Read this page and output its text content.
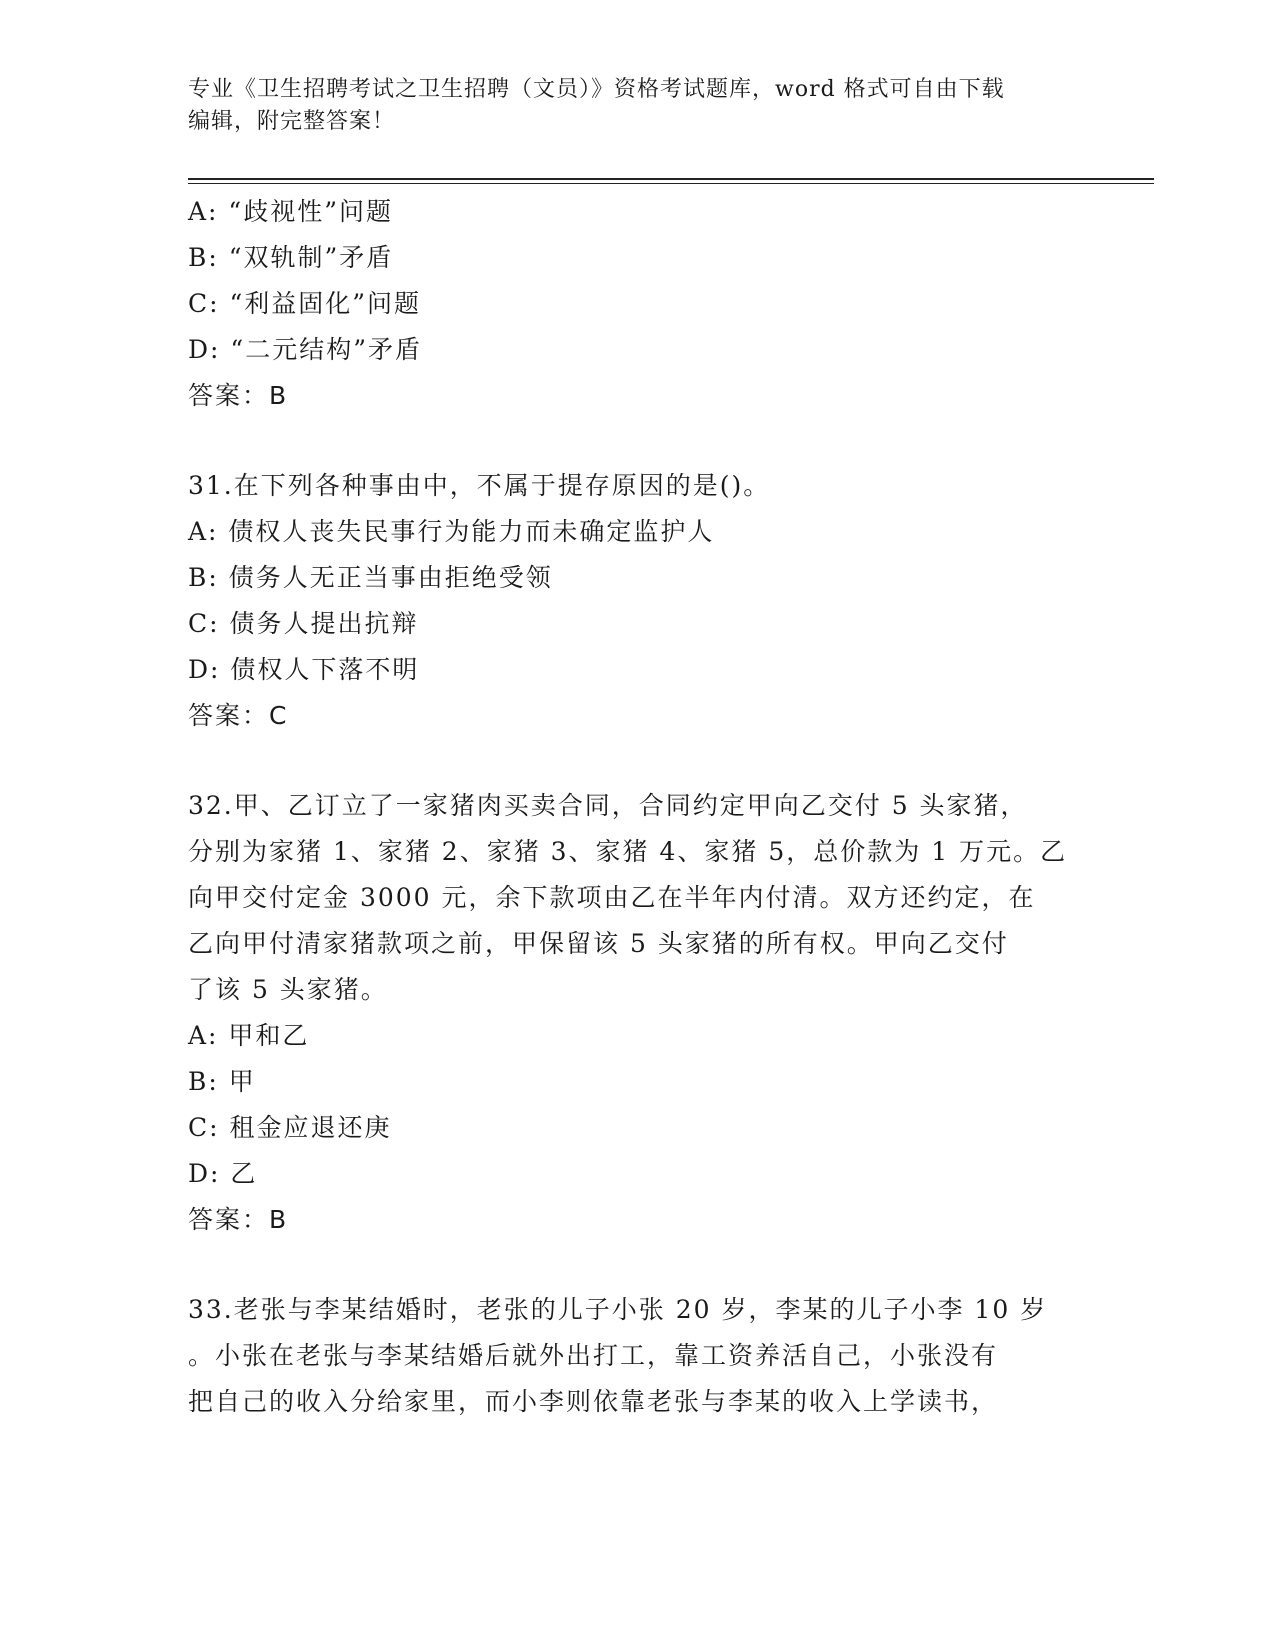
专业《卫生招聘考试之卫生招聘（文员）》资格考试题库，word 格式可自由下载
编辑，附完整答案！
A: “歧视性”问题
B: “双轨制”矛盾
C: “利益固化”问题
D: “二元结构”矛盾
答案：B
31.在下列各种事由中，不属于提存原因的是()。
A: 债权人丧失民事行为能力而未确定监护人
B: 债务人无正当事由拒绝受领
C: 债务人提出抗辩
D: 债权人下落不明
答案：C
32.甲、乙订立了一家猪肉买卖合同，合同约定甲向乙交付 5 头家猪，
分别为家猪 1、家猪 2、家猪 3、家猪 4、家猪 5，总价款为 1 万元。乙
向甲交付定金 3000 元，余下款项由乙在半年内付清。双方还约定，在
乙向甲付清家猪款项之前，甲保留该 5 头家猪的所有权。甲向乙交付
了该 5 头家猪。
A: 甲和乙
B: 甲
C: 租金应退还庚
D: 乙
答案：B
33.老张与李某结婚时，老张的儿子小张 20 岁，李某的儿子小李 10 岁
。小张在老张与李某结婚后就外出打工，靠工资养活自己，小张没有
把自己的收入分给家里，而小李则依靠老张与李某的收入上学读书，
